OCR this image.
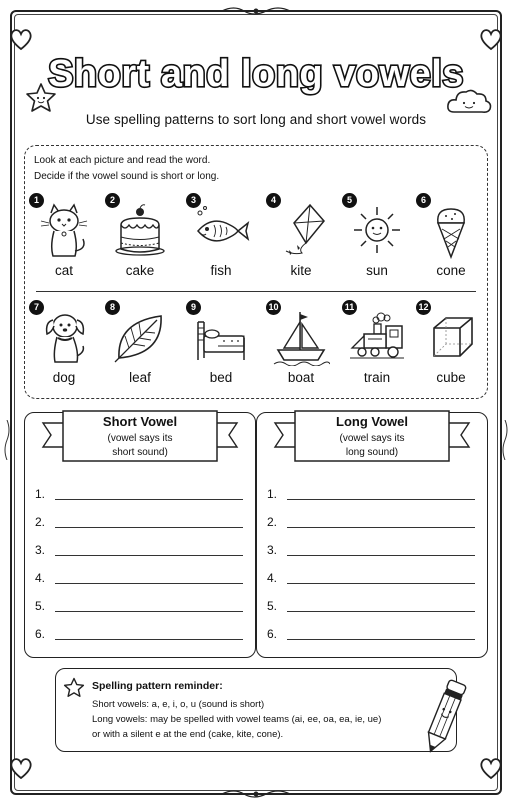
Short and long vowels
Use spelling patterns to sort long and short vowel words
Look at each picture and read the word.
Decide if the vowel sound is short or long.
1
cat
2
cake
3
fish
4
kite
5
sun
6
cone
7
dog
8
leaf
9
bed
10
boat
11
train
12
cube
Short Vowel
(vowel says its
short sound)
1.
2.
3.
4.
5.
6.
Long Vowel
(vowel says its
long sound)
1.
2.
3.
4.
5.
6.
Spelling pattern reminder:
Short vowels: a, e, i, o, u (sound is short)
Long vowels: may be spelled with vowel teams (ai, ee, oa, ea, ie, ue)
or with a silent e at the end (cake, kite, cone).
